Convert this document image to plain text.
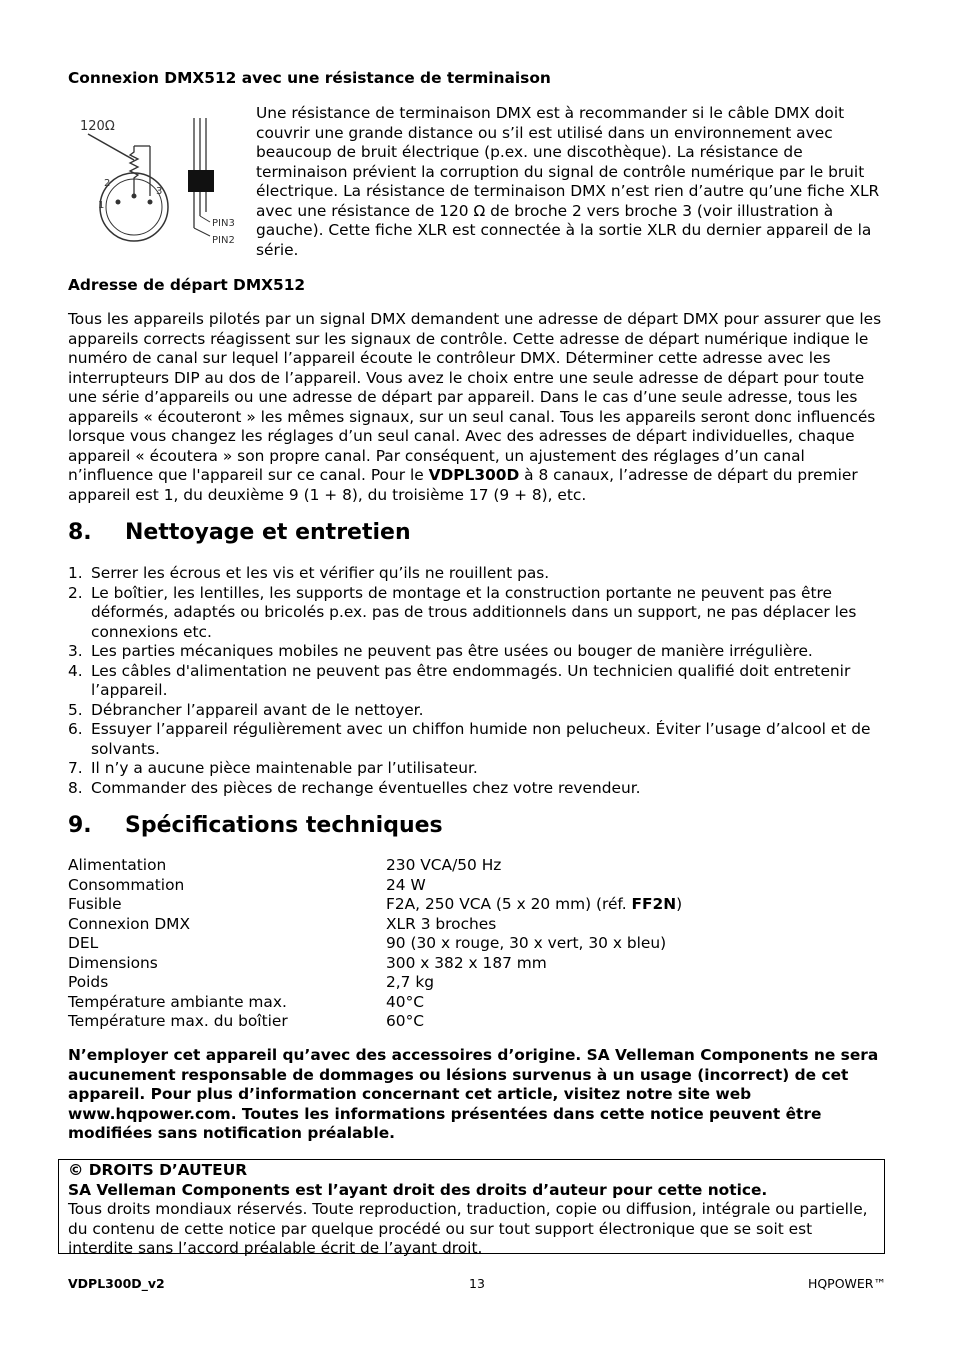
Connexion DMX512 avec une résistance de terminaison
120Ω
2
1
3
PIN3
PIN2

Une résistance de terminaison DMX est à recommander si le câble DMX doit couvrir une grande distance ou s’il est utilisé dans un environnement avec beaucoup de bruit électrique (p.ex. une discothèque). La résistance de terminaison prévient la corruption du signal de contrôle numérique par le bruit électrique. La résistance de terminaison DMX n’est rien d’autre qu’une fiche XLR avec une résistance de 120 Ω de broche 2 vers broche 3 (voir illustration à gauche). Cette fiche XLR est connectée à la sortie XLR du dernier appareil de la série.

Adresse de départ DMX512

Tous les appareils pilotés par un signal DMX demandent une adresse de départ DMX pour assurer que les appareils corrects réagissent sur les signaux de contrôle. Cette adresse de départ numérique indique le numéro de canal sur lequel l’appareil écoute le contrôleur DMX. Déterminer cette adresse avec les interrupteurs DIP au dos de l’appareil. Vous avez le choix entre une seule adresse de départ pour toute une série d’appareils ou une adresse de départ par appareil. Dans le cas d’une seule adresse, tous les appareils « écouteront » les mêmes signaux, sur un seul canal. Tous les appareils seront donc influencés lorsque vous changez les réglages d’un seul canal. Avec des adresses de départ individuelles, chaque appareil « écoutera » son propre canal. Par conséquent, un ajustement des réglages d’un canal n’influence que l'appareil sur ce canal. Pour le VDPL300D à 8 canaux, l’adresse de départ du premier appareil est 1, du deuxième 9 (1 + 8), du troisième 17 (9 + 8), etc.

8. Nettoyage et entretien
1. Serrer les écrous et les vis et vérifier qu’ils ne rouillent pas.
2. Le boîtier, les lentilles, les supports de montage et la construction portante ne peuvent pas être déformés, adaptés ou bricolés p.ex. pas de trous additionnels dans un support, ne pas déplacer les connexions etc.
3. Les parties mécaniques mobiles ne peuvent pas être usées ou bouger de manière irrégulière.
4. Les câbles d'alimentation ne peuvent pas être endommagés. Un technicien qualifié doit entretenir l’appareil.
5. Débrancher l’appareil avant de le nettoyer.
6. Essuyer l’appareil régulièrement avec un chiffon humide non pelucheux. Éviter l’usage d’alcool et de solvants.
7. Il n’y a aucune pièce maintenable par l’utilisateur.
8. Commander des pièces de rechange éventuelles chez votre revendeur.
9. Spécifications techniques
Alimentation	230 VCA/50 Hz
Consommation	24 W
Fusible	F2A, 250 VCA (5 x 20 mm) (réf. FF2N)
Connexion DMX	XLR 3 broches
DEL	90 (30 x rouge, 30 x vert, 30 x bleu)
Dimensions	300 x 382 x 187 mm
Poids	2,7 kg
Température ambiante max.	40°C
Température max. du boîtier	60°C

N’employer cet appareil qu’avec des accessoires d’origine. SA Velleman Components ne sera aucunement responsable de dommages ou lésions survenus à un usage (incorrect) de cet appareil. Pour plus d’information concernant cet article, visitez notre site web www.hqpower.com. Toutes les informations présentées dans cette notice peuvent être modifiées sans notification préalable.

© DROITS D’AUTEUR
SA Velleman Components est l’ayant droit des droits d’auteur pour cette notice.
Tous droits mondiaux réservés. Toute reproduction, traduction, copie ou diffusion, intégrale ou partielle, du contenu de cette notice par quelque procédé ou sur tout support électronique que se soit est interdite sans l’accord préalable écrit de l’ayant droit.
VDPL300D_v2	13	HQPOWER™
